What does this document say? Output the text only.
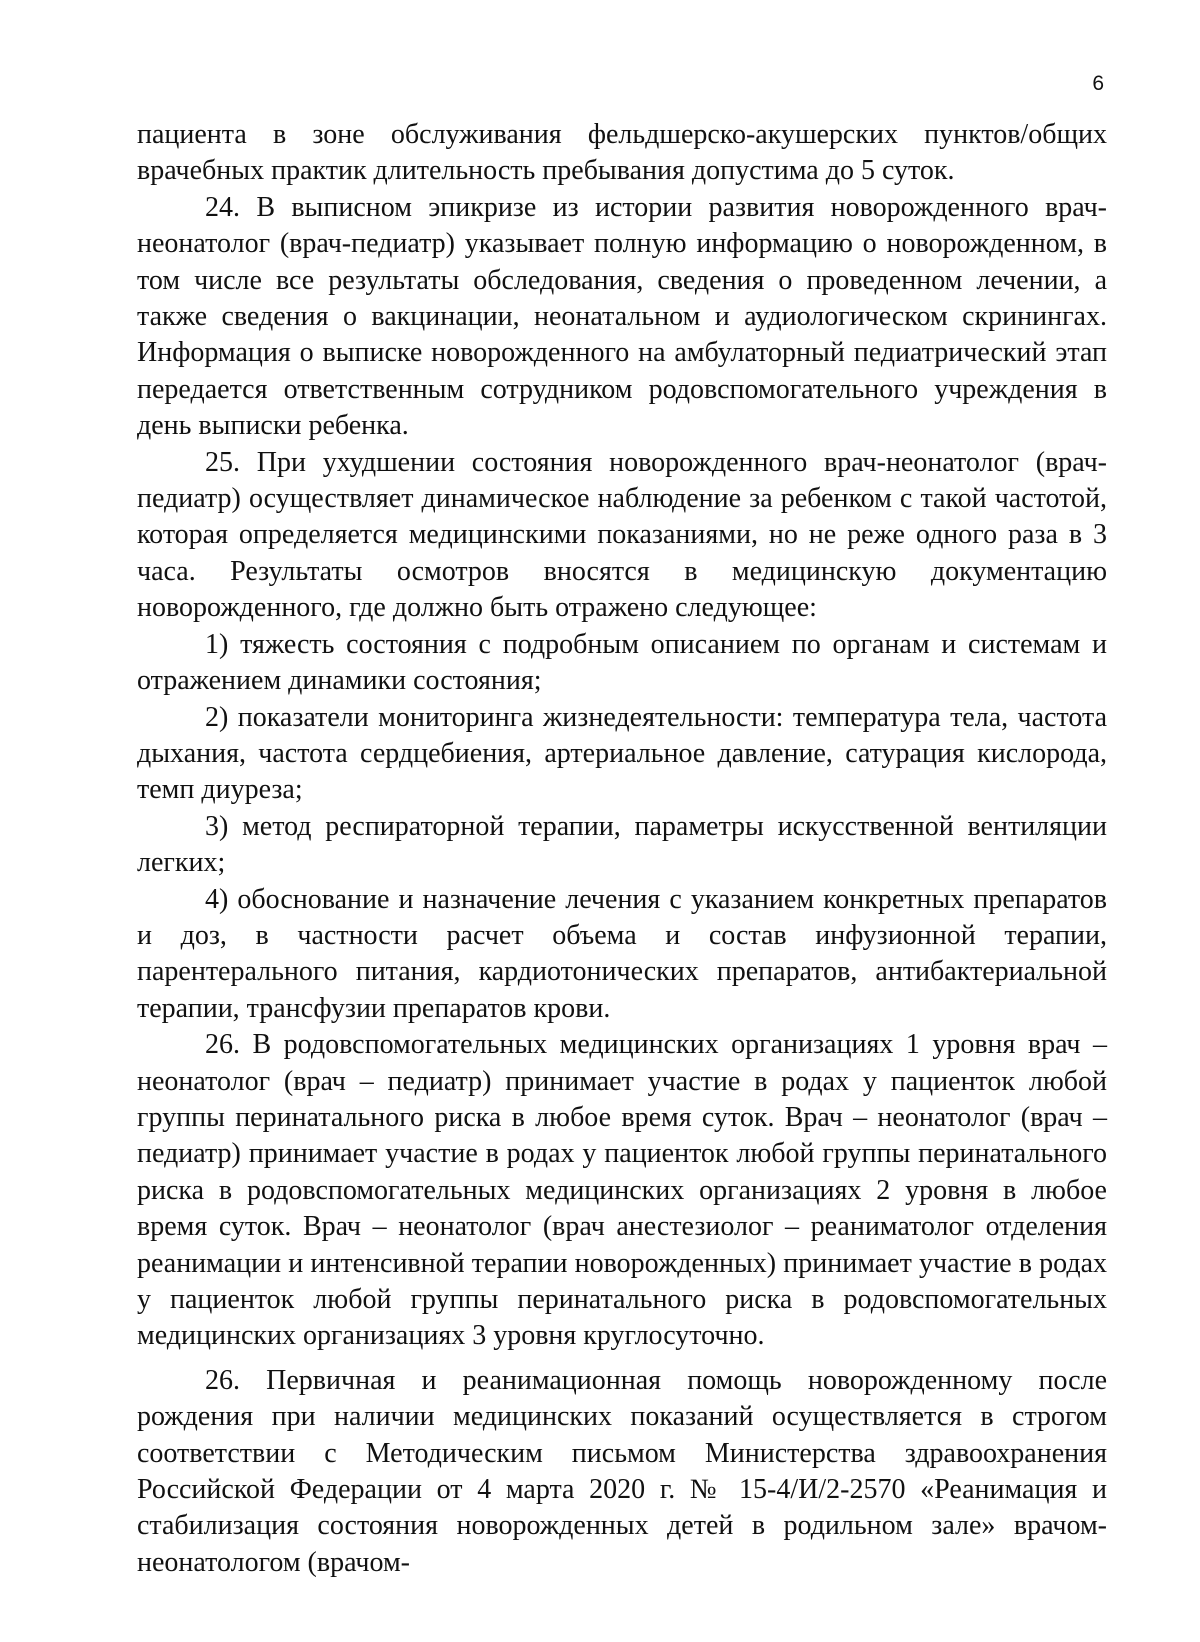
6

пациента в зоне обслуживания фельдшерско-акушерских пунктов/общих врачебных практик длительность пребывания допустима до 5 суток.

24. В выписном эпикризе из истории развития новорожденного врач-неонатолог (врач-педиатр) указывает полную информацию о новорожденном, в том числе все результаты обследования, сведения о проведенном лечении, а также сведения о вакцинации, неонатальном и аудиологическом скринингах. Информация о выписке новорожденного на амбулаторный педиатрический этап передается ответственным сотрудником родовспомогательного учреждения в день выписки ребенка.

25. При ухудшении состояния новорожденного врач-неонатолог (врач-педиатр) осуществляет динамическое наблюдение за ребенком с такой частотой, которая определяется медицинскими показаниями, но не реже одного раза в 3 часа. Результаты осмотров вносятся в медицинскую документацию новорожденного, где должно быть отражено следующее:

1) тяжесть состояния с подробным описанием по органам и системам и отражением динамики состояния;

2) показатели мониторинга жизнедеятельности: температура тела, частота дыхания, частота сердцебиения, артериальное давление, сатурация кислорода, темп диуреза;

3) метод респираторной терапии, параметры искусственной вентиляции легких;

4) обоснование и назначение лечения с указанием конкретных препаратов и доз, в частности расчет объема и состав инфузионной терапии, парентерального питания, кардиотонических препаратов, антибактериальной терапии, трансфузии препаратов крови.

26. В родовспомогательных медицинских организациях 1 уровня врач – неонатолог (врач – педиатр) принимает участие в родах у пациенток любой группы перинатального риска в любое время суток. Врач – неонатолог (врач – педиатр) принимает участие в родах у пациенток любой группы перинатального риска в родовспомогательных медицинских организациях 2 уровня в любое время суток. Врач – неонатолог (врач анестезиолог – реаниматолог отделения реанимации и интенсивной терапии новорожденных) принимает участие в родах у пациенток любой группы перинатального риска в родовспомогательных медицинских организациях 3 уровня круглосуточно.

26. Первичная и реанимационная помощь новорожденному после рождения при наличии медицинских показаний осуществляется в строгом соответствии с Методическим письмом Министерства здравоохранения Российской Федерации от 4 марта 2020 г. № 15-4/И/2-2570 «Реанимация и стабилизация состояния новорожденных детей в родильном зале» врачом-неонатологом (врачом-
